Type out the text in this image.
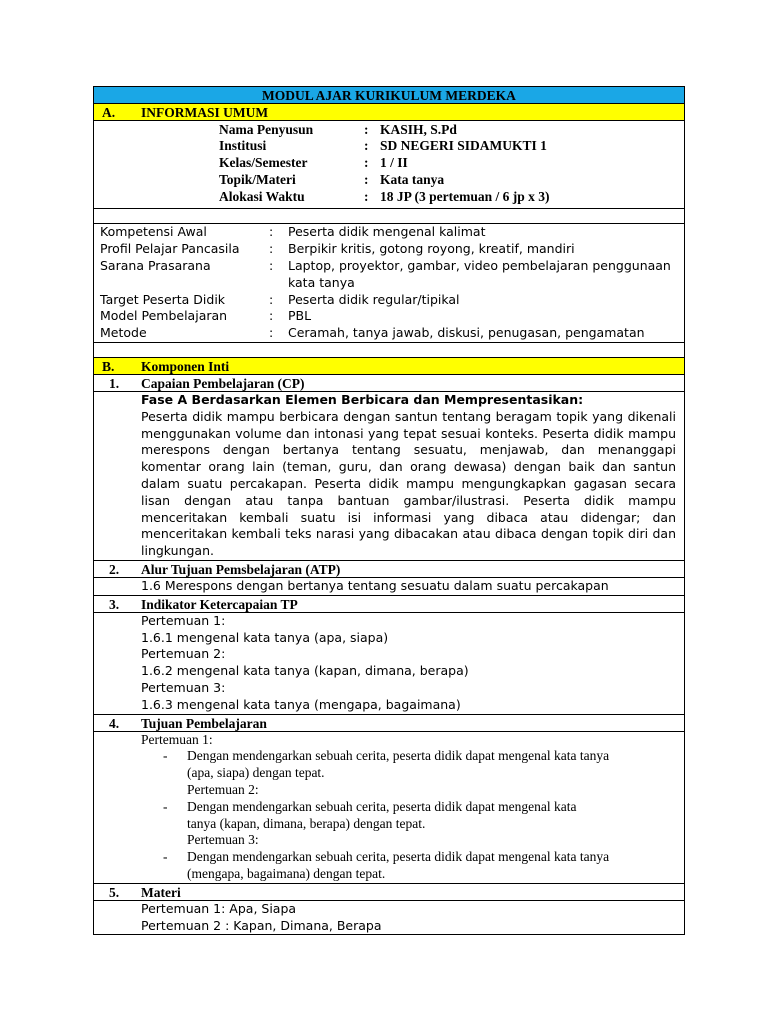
MODUL AJAR KURIKULUM MERDEKA
A. INFORMASI UMUM
Nama Penyusun	: KASIH, S.Pd
Institusi	: SD NEGERI SIDAMUKTI 1
Kelas/Semester	: 1 / II
Topik/Materi	: Kata tanya
Alokasi Waktu	: 18 JP (3 pertemuan / 6 jp x 3)
Kompetensi Awal	: Peserta didik mengenal kalimat
Profil Pelajar Pancasila : Berpikir kritis, gotong royong, kreatif, mandiri
Sarana Prasarana	: Laptop, proyektor, gambar, video pembelajaran penggunaan
kata tanya
Target Peserta Didik	: Peserta didik regular/tipikal
Model Pembelajaran	: PBL
Metode	: Ceramah, tanya jawab, diskusi, penugasan, pengamatan
B. Komponen Inti
1.	Capaian Pembelajaran (CP)
Fase A Berdasarkan Elemen Berbicara dan Mempresentasikan:
Peserta didik mampu berbicara dengan santun tentang beragam topik yang dikenali menggunakan volume dan intonasi yang tepat sesuai konteks. Peserta didik mampu merespons dengan bertanya tentang sesuatu, menjawab, dan menanggapi komentar orang lain (teman, guru, dan orang dewasa) dengan baik dan santun dalam suatu percakapan. Peserta didik mampu mengungkapkan gagasan secara lisan dengan atau tanpa bantuan gambar/ilustrasi. Peserta didik mampu menceritakan kembali suatu isi informasi yang dibaca atau didengar; dan menceritakan kembali teks narasi yang dibacakan atau dibaca dengan topik diri dan lingkungan.
2.	Alur Tujuan Pemsbelajaran (ATP)
1.6 Merespons dengan bertanya tentang sesuatu dalam suatu percakapan
3.	Indikator Ketercapaian TP
Pertemuan 1:
1.6.1 mengenal kata tanya (apa, siapa)
Pertemuan 2:
1.6.2 mengenal kata tanya (kapan, dimana, berapa)
Pertemuan 3:
1.6.3 mengenal kata tanya (mengapa, bagaimana)
4.	Tujuan Pembelajaran
Pertemuan 1:
- Dengan mendengarkan sebuah cerita, peserta didik dapat mengenal kata tanya
(apa, siapa) dengan tepat.
Pertemuan 2:
- Dengan mendengarkan sebuah cerita, peserta didik dapat mengenal kata
tanya (kapan, dimana, berapa) dengan tepat.
Pertemuan 3:
- Dengan mendengarkan sebuah cerita, peserta didik dapat mengenal kata tanya
(mengapa, bagaimana) dengan tepat.
5.	Materi
Pertemuan 1: Apa, Siapa
Pertemuan 2 : Kapan, Dimana, Berapa
